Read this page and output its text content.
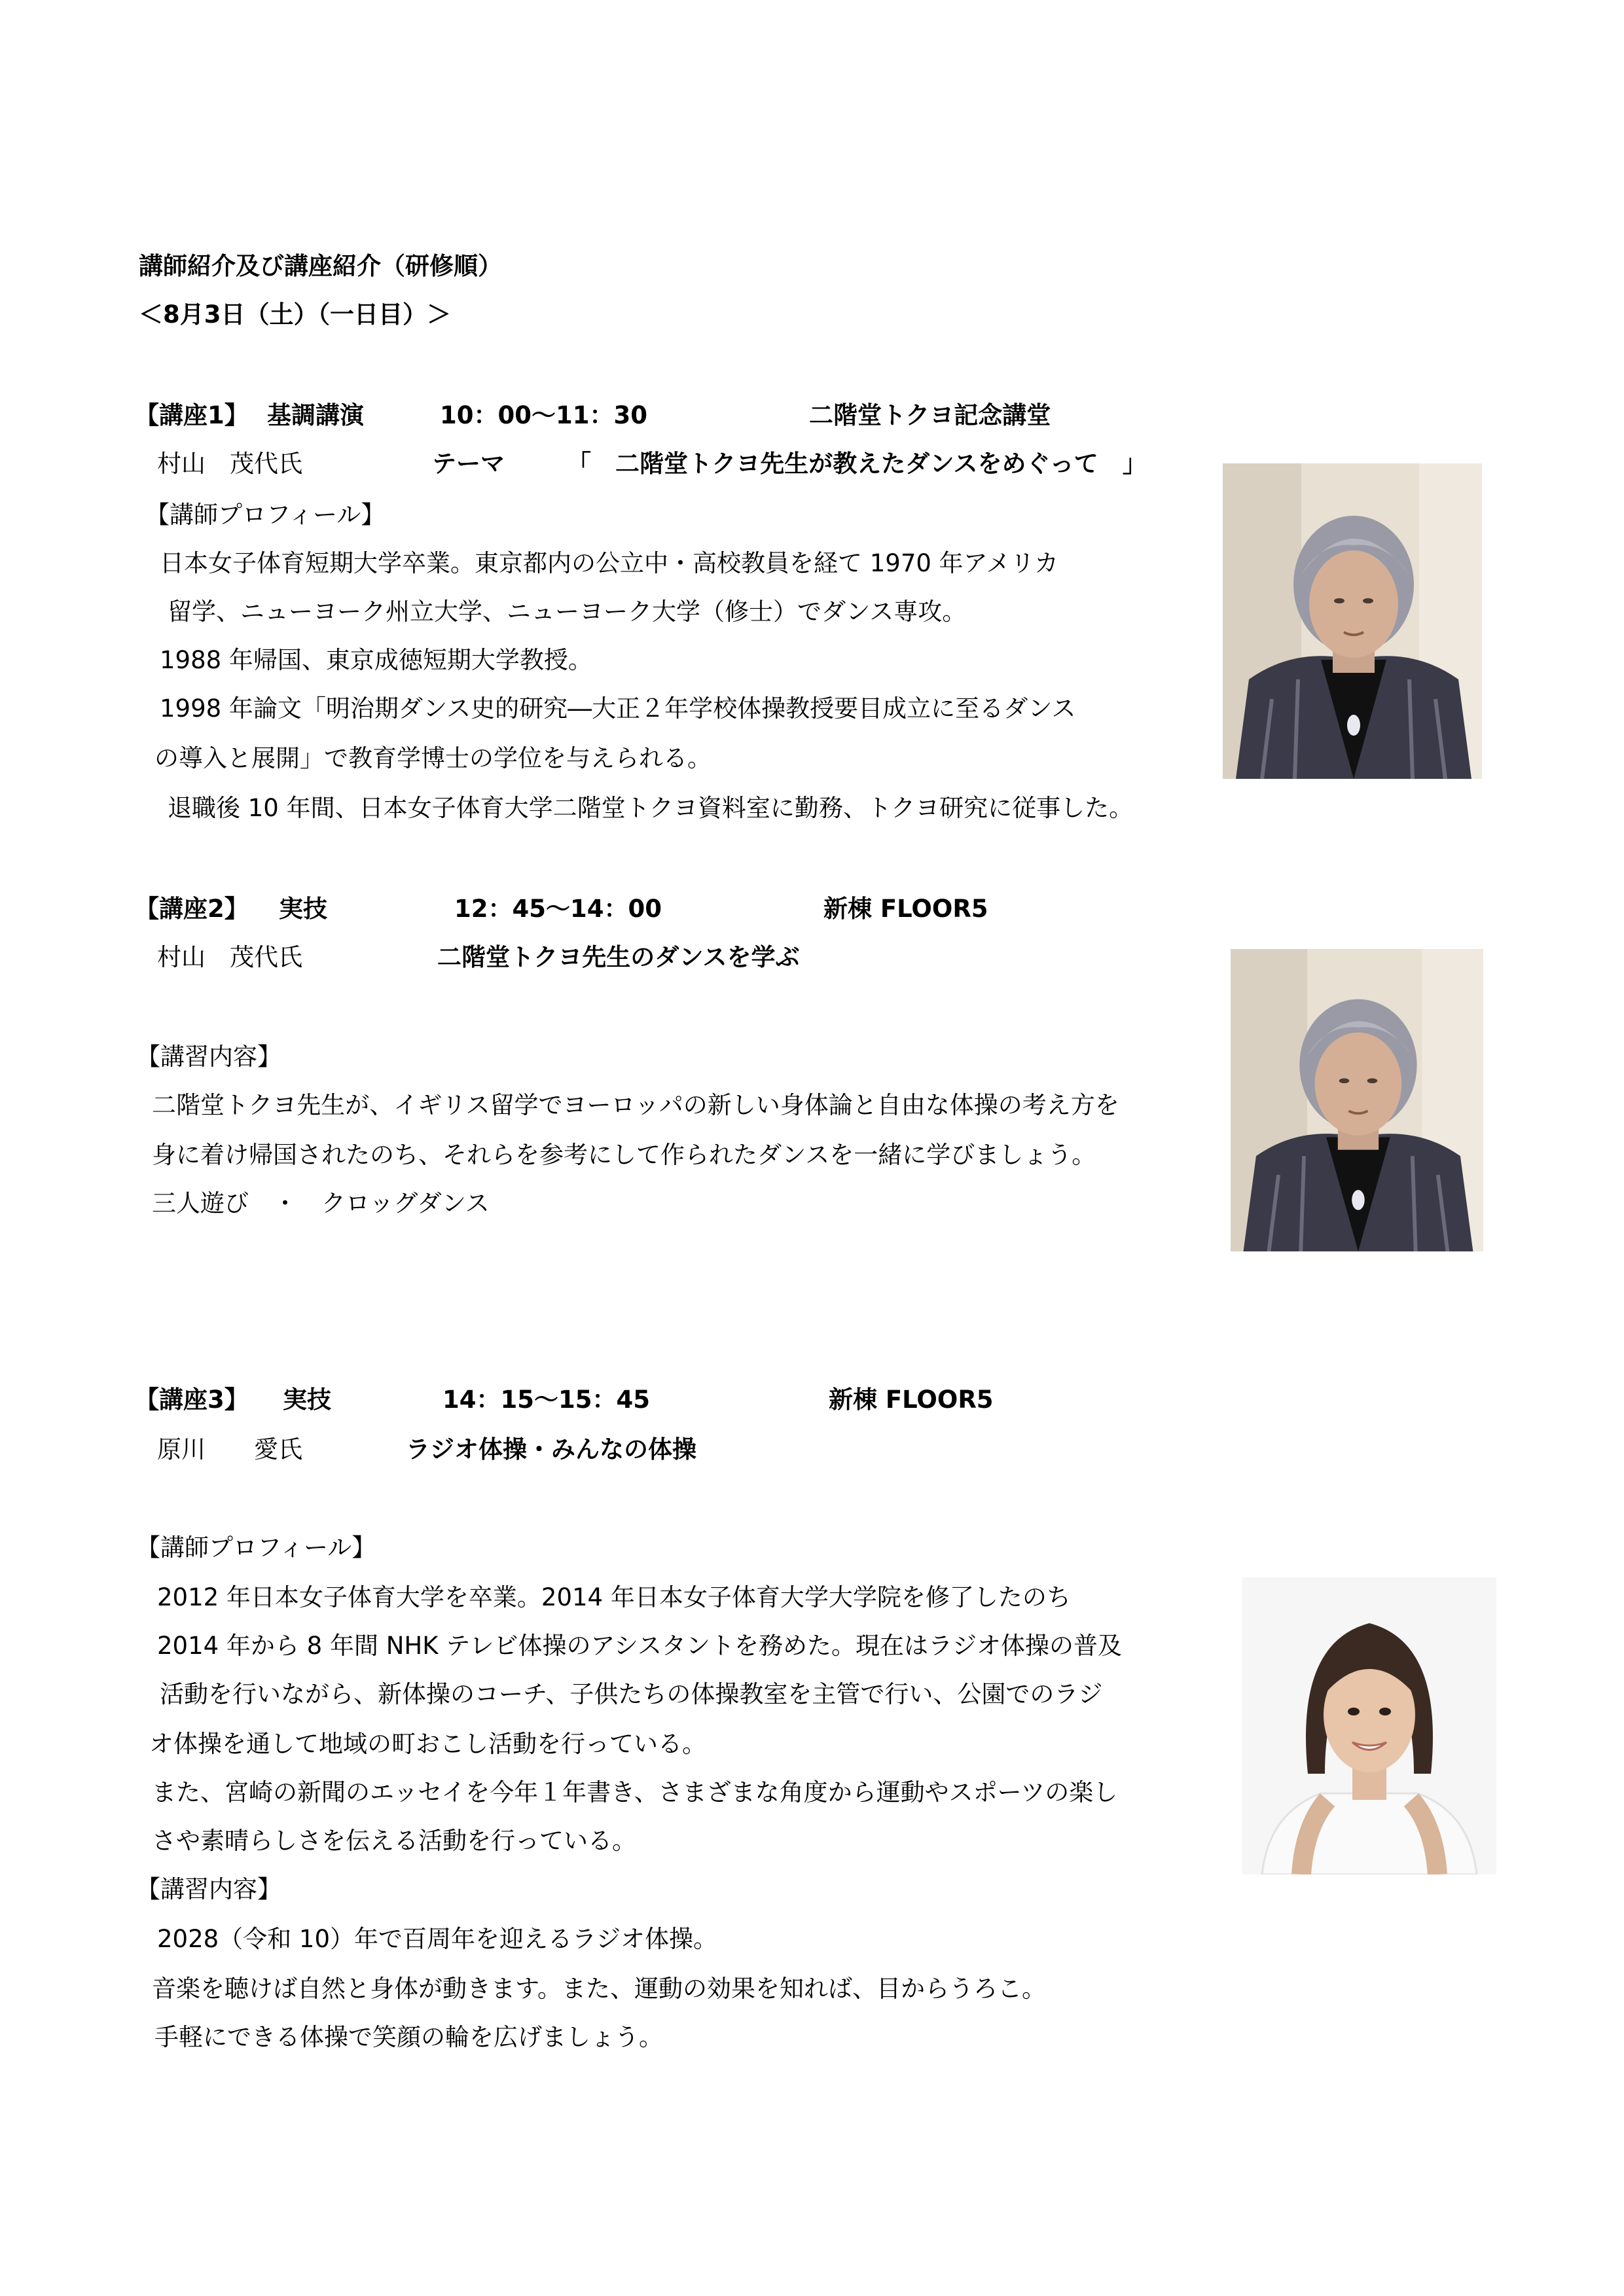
講師紹介及び講座紹介（研修順）
＜8月3日（土）（一日目）＞
【講座1】 基調講演	10：00～11：30	二階堂トクヨ記念講堂
村山　茂代氏	テーマ	「　二階堂トクヨ先生が教えたダンスをめぐって　」
【講師プロフィール】
日本女子体育短期大学卒業。東京都内の公立中・高校教員を経て 1970 年アメリカ
留学、ニューヨーク州立大学、ニューヨーク大学（修士）でダンス専攻。
1988 年帰国、東京成徳短期大学教授。
1998 年論文「明治期ダンス史的研究―大正２年学校体操教授要目成立に至るダンス
の導入と展開」で教育学博士の学位を与えられる。
退職後 10 年間、日本女子体育大学二階堂トクヨ資料室に勤務、トクヨ研究に従事した。
【講座2】 実技	12：45～14：00	新棟 FLOOR5
村山　茂代氏	二階堂トクヨ先生のダンスを学ぶ
【講習内容】
二階堂トクヨ先生が、イギリス留学でヨーロッパの新しい身体論と自由な体操の考え方を
身に着け帰国されたのち、それらを参考にして作られたダンスを一緒に学びましょう。
三人遊び　・　クロッグダンス
【講座3】 実技	14：15～15：45	新棟 FLOOR5
原川　　愛氏	ラジオ体操・みんなの体操
【講師プロフィール】
2012 年日本女子体育大学を卒業。2014 年日本女子体育大学大学院を修了したのち
2014 年から 8 年間 NHK テレビ体操のアシスタントを務めた。現在はラジオ体操の普及
活動を行いながら、新体操のコーチ、子供たちの体操教室を主管で行い、公園でのラジ
オ体操を通して地域の町おこし活動を行っている。
また、宮崎の新聞のエッセイを今年１年書き、さまざまな角度から運動やスポーツの楽し
さや素晴らしさを伝える活動を行っている。
【講習内容】
2028（令和 10）年で百周年を迎えるラジオ体操。
音楽を聴けば自然と身体が動きます。また、運動の効果を知れば、目からうろこ。
手軽にできる体操で笑顔の輪を広げましょう。
